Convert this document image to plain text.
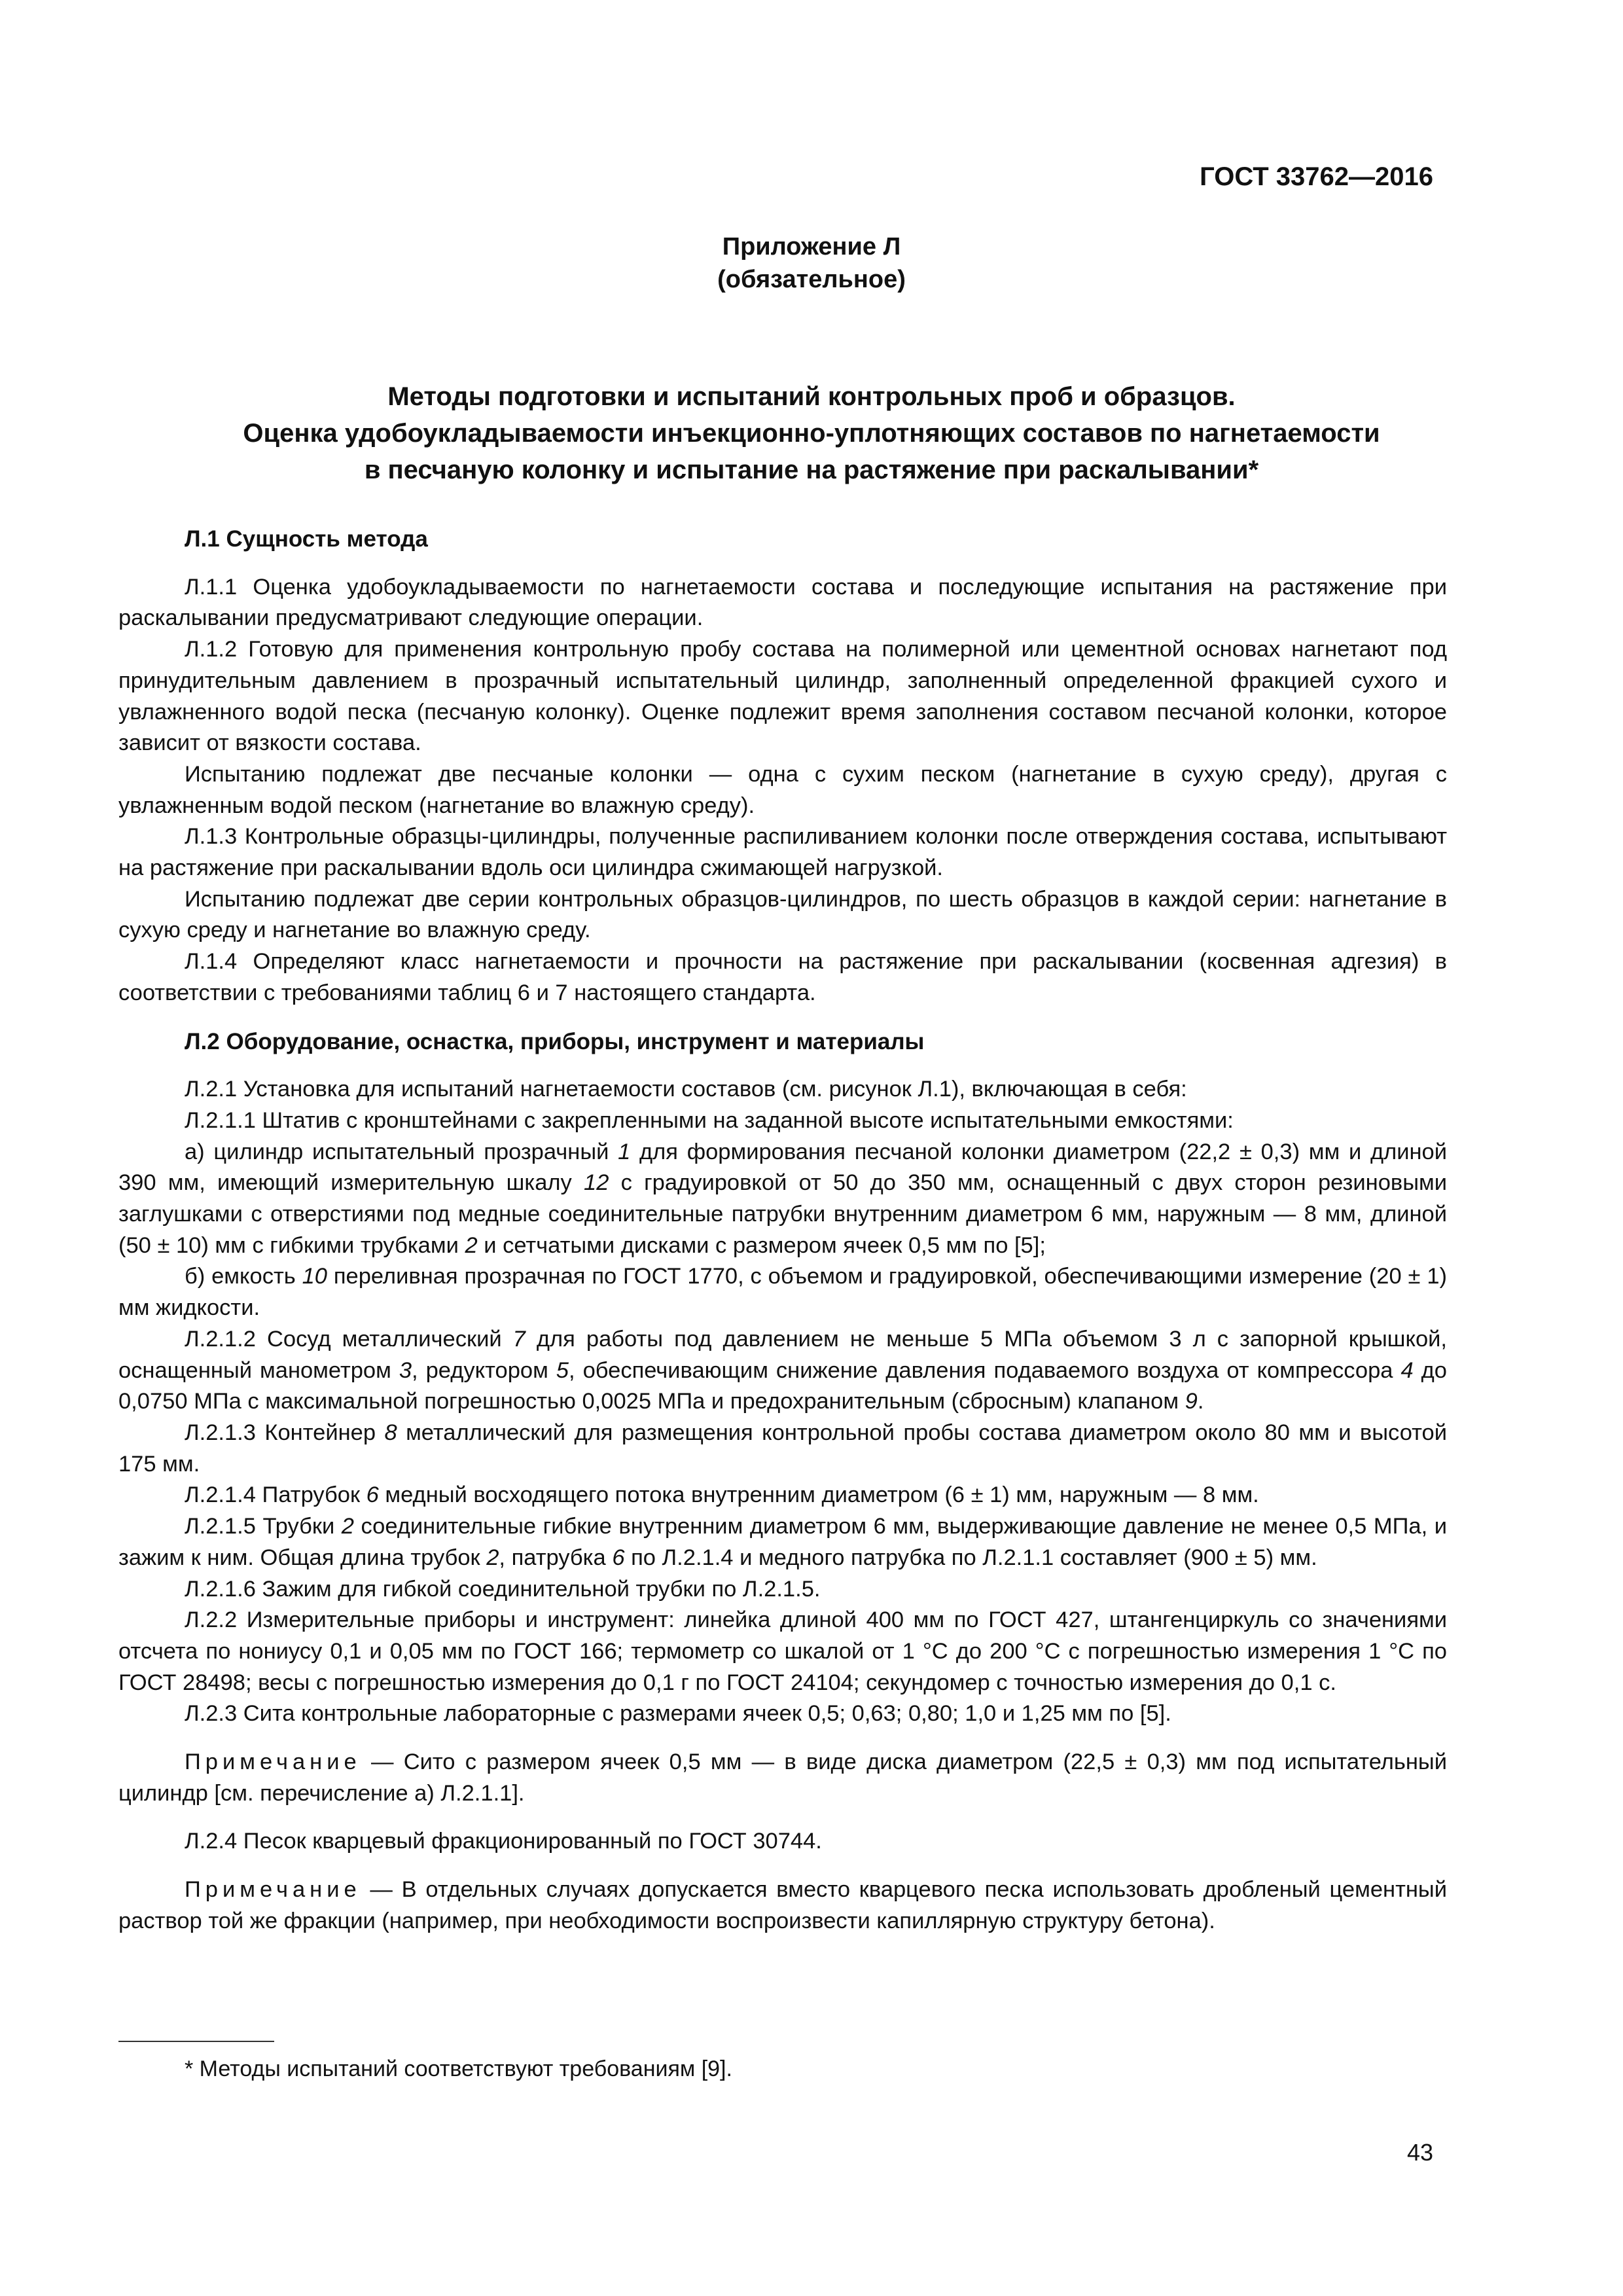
ГОСТ 33762—2016
Приложение Л
(обязательное)
Методы подготовки и испытаний контрольных проб и образцов.
Оценка удобоукладываемости инъекционно-уплотняющих составов по нагнетаемости
в песчаную колонку и испытание на растяжение при раскалывании*

Л.1 Сущность метода

Л.1.1 Оценка удобоукладываемости по нагнетаемости состава и последующие испытания на растяжение при раскалывании предусматривают следующие операции.

Л.1.2 Готовую для применения контрольную пробу состава на полимерной или цементной основах нагнетают под принудительным давлением в прозрачный испытательный цилиндр, заполненный определенной фракцией сухого и увлажненного водой песка (песчаную колонку). Оценке подлежит время заполнения составом песчаной колонки, которое зависит от вязкости состава.

Испытанию подлежат две песчаные колонки — одна с сухим песком (нагнетание в сухую среду), другая с увлажненным водой песком (нагнетание во влажную среду).

Л.1.3 Контрольные образцы-цилиндры, полученные распиливанием колонки после отверждения состава, испытывают на растяжение при раскалывании вдоль оси цилиндра сжимающей нагрузкой.

Испытанию подлежат две серии контрольных образцов-цилиндров, по шесть образцов в каждой серии: нагнетание в сухую среду и нагнетание во влажную среду.

Л.1.4 Определяют класс нагнетаемости и прочности на растяжение при раскалывании (косвенная адгезия) в соответствии с требованиями таблиц 6 и 7 настоящего стандарта.

Л.2 Оборудование, оснастка, приборы, инструмент и материалы

Л.2.1 Установка для испытаний нагнетаемости составов (см. рисунок Л.1), включающая в себя:

Л.2.1.1 Штатив с кронштейнами с закрепленными на заданной высоте испытательными емкостями:

а) цилиндр испытательный прозрачный 1 для формирования песчаной колонки диаметром (22,2 ± 0,3) мм и длиной 390 мм, имеющий измерительную шкалу 12 с градуировкой от 50 до 350 мм, оснащенный с двух сторон резиновыми заглушками с отверстиями под медные соединительные патрубки внутренним диаметром 6 мм, наружным — 8 мм, длиной (50 ± 10) мм с гибкими трубками 2 и сетчатыми дисками с размером ячеек 0,5 мм по [5];

б) емкость 10 переливная прозрачная по ГОСТ 1770, с объемом и градуировкой, обеспечивающими измерение (20 ± 1) мм жидкости.

Л.2.1.2 Сосуд металлический 7 для работы под давлением не меньше 5 МПа объемом 3 л с запорной крышкой, оснащенный манометром 3, редуктором 5, обеспечивающим снижение давления подаваемого воздуха от компрессора 4 до 0,0750 МПа с максимальной погрешностью 0,0025 МПа и предохранительным (сбросным) клапаном 9.

Л.2.1.3 Контейнер 8 металлический для размещения контрольной пробы состава диаметром около 80 мм и высотой 175 мм.

Л.2.1.4 Патрубок 6 медный восходящего потока внутренним диаметром (6 ± 1) мм, наружным — 8 мм.

Л.2.1.5 Трубки 2 соединительные гибкие внутренним диаметром 6 мм, выдерживающие давление не менее 0,5 МПа, и зажим к ним. Общая длина трубок 2, патрубка 6 по Л.2.1.4 и медного патрубка по Л.2.1.1 составляет (900 ± 5) мм.

Л.2.1.6 Зажим для гибкой соединительной трубки по Л.2.1.5.

Л.2.2 Измерительные приборы и инструмент: линейка длиной 400 мм по ГОСТ 427, штангенциркуль со значениями отсчета по нониусу 0,1 и 0,05 мм по ГОСТ 166; термометр со шкалой от 1 °С до 200 °С с погрешностью измерения 1 °С по ГОСТ 28498; весы с погрешностью измерения до 0,1 г по ГОСТ 24104; секундомер с точностью измерения до 0,1 с.

Л.2.3 Сита контрольные лабораторные с размерами ячеек 0,5; 0,63; 0,80; 1,0 и 1,25 мм по [5].

Примечание — Сито с размером ячеек 0,5 мм — в виде диска диаметром (22,5 ± 0,3) мм под испытательный цилиндр [см. перечисление а) Л.2.1.1].

Л.2.4 Песок кварцевый фракционированный по ГОСТ 30744.

Примечание — В отдельных случаях допускается вместо кварцевого песка использовать дробленый цементный раствор той же фракции (например, при необходимости воспроизвести капиллярную структуру бетона).

* Методы испытаний соответствуют требованиям [9].
43
